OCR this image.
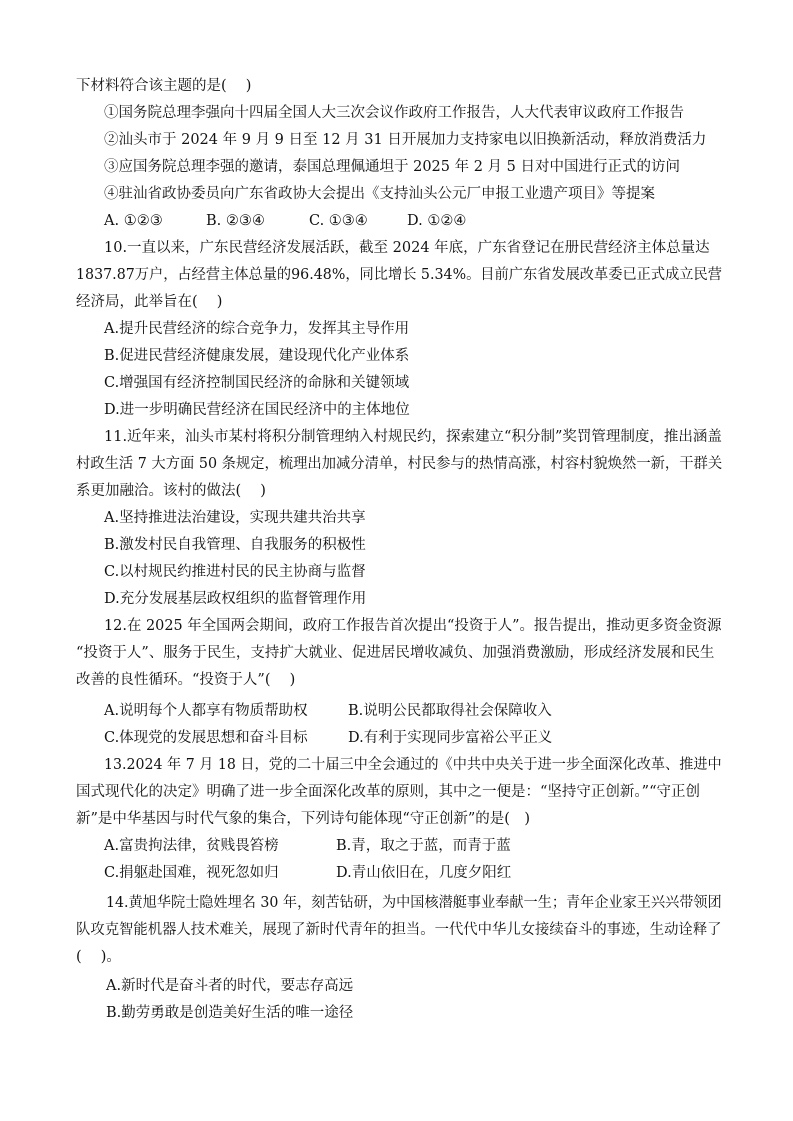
下材料符合该主题的是(　 )
①国务院总理李强向十四届全国人大三次会议作政府工作报告，人大代表审议政府工作报告
②汕头市于 2024 年 9 月 9 日至 12 月 31 日开展加力支持家电以旧换新活动，释放消费活力
③应国务院总理李强的邀请，泰国总理佩通坦于 2025 年 2 月 5 日对中国进行正式的访问
④驻汕省政协委员向广东省政协大会提出《支持汕头公元厂申报工业遗产项目》等提案
A. ①②③	B. ②③④	C. ①③④	D. ①②④
10.一直以来，广东民营经济发展活跃，截至 2024 年底，广东省登记在册民营经济主体总量达
1837.87万户，占经营主体总量的96.48%，同比增长 5.34%。目前广东省发展改革委已正式成立民营
经济局，此举旨在(　 )
A.提升民营经济的综合竞争力，发挥其主导作用
B.促进民营经济健康发展，建设现代化产业体系
C.增强国有经济控制国民经济的命脉和关键领域
D.进一步明确民营经济在国民经济中的主体地位
11.近年来，汕头市某村将积分制管理纳入村规民约，探索建立“积分制”奖罚管理制度，推出涵盖
村政生活 7 大方面 50 条规定，梳理出加减分清单，村民参与的热情高涨，村容村貌焕然一新，干群关
系更加融洽。该村的做法(　 )
A.坚持推进法治建设，实现共建共治共享
B.激发村民自我管理、自我服务的积极性
C.以村规民约推进村民的民主协商与监督
D.充分发展基层政权组织的监督管理作用
12.在 2025 年全国两会期间，政府工作报告首次提出“投资于人”。报告提出，推动更多资金资源
“投资于人”、服务于民生，支持扩大就业、促进居民增收减负、加强消费激励，形成经济发展和民生
改善的良性循环。“投资于人”(　 )
A.说明每个人都享有物质帮助权	B.说明公民都取得社会保障收入
C.体现党的发展思想和奋斗目标	D.有利于实现同步富裕公平正义
13.2024 年 7 月 18 日，党的二十届三中全会通过的《中共中央关于进一步全面深化改革、推进中
国式现代化的决定》明确了进一步全面深化改革的原则，其中之一便是：“坚持守正创新。”“守正创
新”是中华基因与时代气象的集合，下列诗句能体现“守正创新”的是(　)
A.富贵拘法律，贫贱畏笞榜	B.青，取之于蓝，而青于蓝
C.捐躯赴国难，视死忽如归	D.青山依旧在，几度夕阳红
14.黄旭华院士隐姓埋名 30 年，刻苦钻研，为中国核潜艇事业奉献一生；青年企业家王兴兴带领团
队攻克智能机器人技术难关，展现了新时代青年的担当。一代代中华儿女接续奋斗的事迹，生动诠释了
(　 )。
A.新时代是奋斗者的时代，要志存高远
B.勤劳勇敢是创造美好生活的唯一途径
